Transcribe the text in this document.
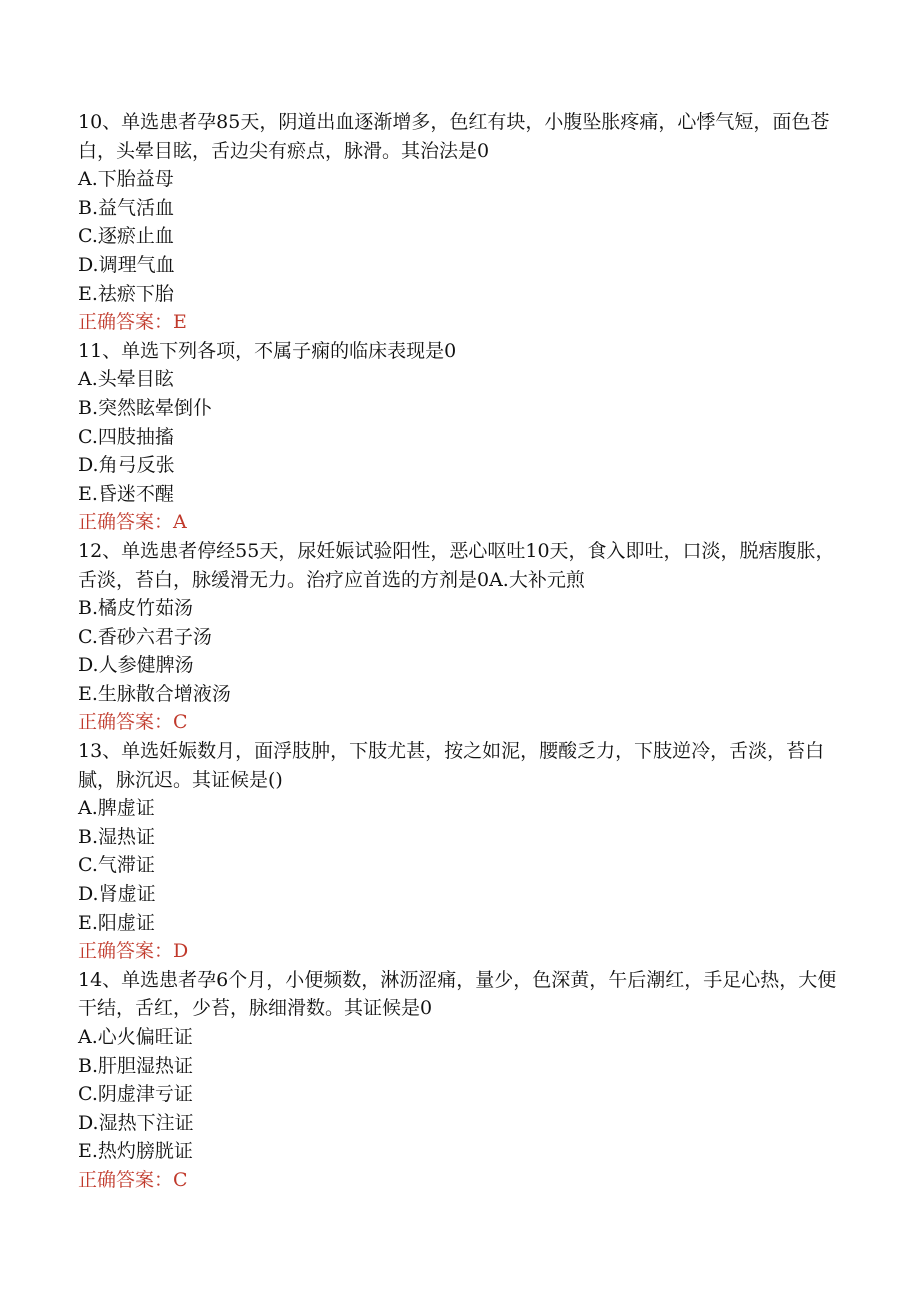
10、单选患者孕85天，阴道出血逐渐增多，色红有块，小腹坠胀疼痛，心悸气短，面色苍白，头晕目眩，舌边尖有瘀点，脉滑。其治法是0
A.下胎益母
B.益气活血
C.逐瘀止血
D.调理气血
E.祛瘀下胎
正确答案：E
11、单选下列各项，不属子痫的临床表现是0
A.头晕目眩
B.突然眩晕倒仆
C.四肢抽搐
D.角弓反张
E.昏迷不醒
正确答案：A
12、单选患者停经55天，尿妊娠试验阳性，恶心呕吐10天，食入即吐，口淡，脱痞腹胀，舌淡，苔白，脉缓滑无力。治疗应首选的方剂是0A.大补元煎
B.橘皮竹茹汤
C.香砂六君子汤
D.人参健脾汤
E.生脉散合增液汤
正确答案：C
13、单选妊娠数月，面浮肢肿，下肢尤甚，按之如泥，腰酸乏力，下肢逆冷，舌淡，苔白腻，脉沉迟。其证候是()
A.脾虚证
B.湿热证
C.气滞证
D.肾虚证
E.阳虚证
正确答案：D
14、单选患者孕6个月，小便频数，淋沥涩痛，量少，色深黄，午后潮红，手足心热，大便干结，舌红，少苔，脉细滑数。其证候是0
A.心火偏旺证
B.肝胆湿热证
C.阴虚津亏证
D.湿热下注证
E.热灼膀胱证
正确答案：C
